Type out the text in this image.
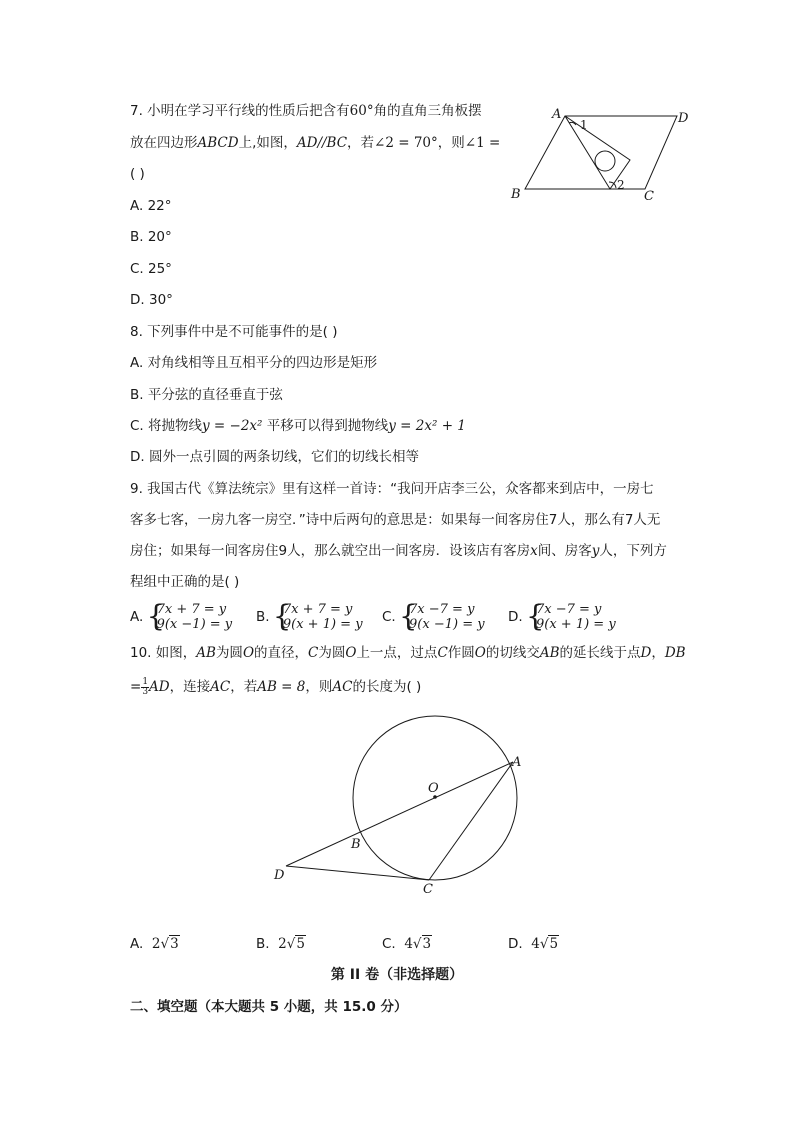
7. 小明在学习平行线的性质后把含有60°角的直角三角板摆
放在四边形ABCD上,如图，AD//BC，若∠2 = 70°，则∠1 =
( )
A. 22°
B. 20°
C. 25°
D. 30°
A	D
B	C
1
2
8. 下列事件中是不可能事件的是( )
A. 对角线相等且互相平分的四边形是矩形
B. 平分弦的直径垂直于弦
C. 将抛物线y = −2x² 平移可以得到抛物线y = 2x² + 1
D. 圆外一点引圆的两条切线，它们的切线长相等
9. 我国古代《算法统宗》里有这样一首诗：“我问开店李三公，众客都来到店中，一房七
客多七客，一房九客一房空．”诗中后两句的意思是：如果每一间客房住7人，那么有7人无
房住；如果每一间客房住9人，那么就空出一间客房．设该店有客房x间、房客y人，下列方
程组中正确的是( )
A. { 7x + 7 = y
9(x −1) = y B. { 7x + 7 = y
9(x + 1) = y C. { 7x −7 = y
9(x −1) = y D. { 7x −7 = y
9(x + 1) = y
10. 如图，AB为圆O的直径，C为圆O上一点，过点C作圆O的切线交AB的延长线于点D，DB
= $\frac{1}{3}$ AD，连接AC，若AB = 8，则AC的长度为( )
A
O
B
D
C
A. 2√3	B. 2√5	C. 4√3	D. 4√5
第 II 卷（非选择题）
二、填空题（本大题共 5 小题，共 15.0 分）
